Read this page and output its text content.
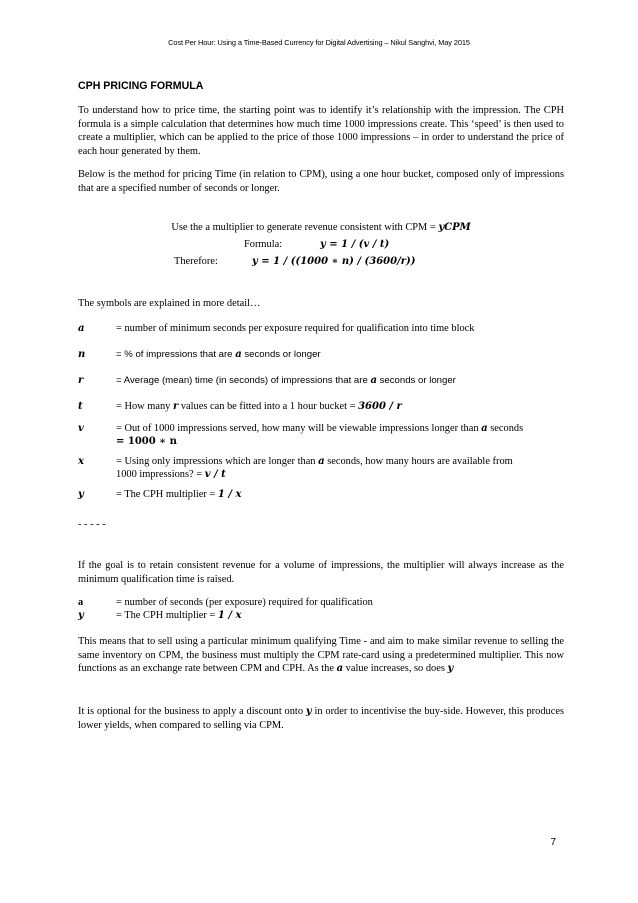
Cost Per Hour: Using a Time-Based Currency for Digital Advertising – Nikul Sanghvi, May 2015
CPH PRICING FORMULA
To understand how to price time, the starting point was to identify it’s relationship with the impression. The CPH formula is a simple calculation that determines how much time 1000 impressions create. This ‘speed’ is then used to create a multiplier, which can be applied to the price of those 1000 impressions – in order to understand the price of each hour generated by them.
Below is the method for pricing Time (in relation to CPM), using a one hour bucket, composed only of impressions that are a specified number of seconds or longer.
Use the a multiplier to generate revenue consistent with CPM = yCPM
Formula:	y = 1 / (v / t)
Therefore:	y = 1 / ((1000 ∗ n) / (3600/r))
The symbols are explained in more detail…
a	= number of minimum seconds per exposure required for qualification into time block
n	= % of impressions that are a seconds or longer
r	= Average (mean) time (in seconds) of impressions that are a seconds or longer
t	= How many r values can be fitted into a 1 hour bucket = 3600 / r
v	= Out of 1000 impressions served, how many will be viewable impressions longer than a seconds
= 1000 ∗ n
x	= Using only impressions which are longer than a seconds, how many hours are available from
1000 impressions? = v / t
y	= The CPH multiplier = 1 / x
- - - - -
If the goal is to retain consistent revenue for a volume of impressions, the multiplier will always increase as the minimum qualification time is raised.
a	= number of seconds (per exposure) required for qualification
y	= The CPH multiplier = 1 / x
This means that to sell using a particular minimum qualifying Time - and aim to make similar revenue to selling the same inventory on CPM, the business must multiply the CPM rate-card using a predetermined multiplier. This now functions as an exchange rate between CPM and CPH. As the a value increases, so does y
It is optional for the business to apply a discount onto y in order to incentivise the buy-side. However, this produces lower yields, when compared to selling via CPM.
7
